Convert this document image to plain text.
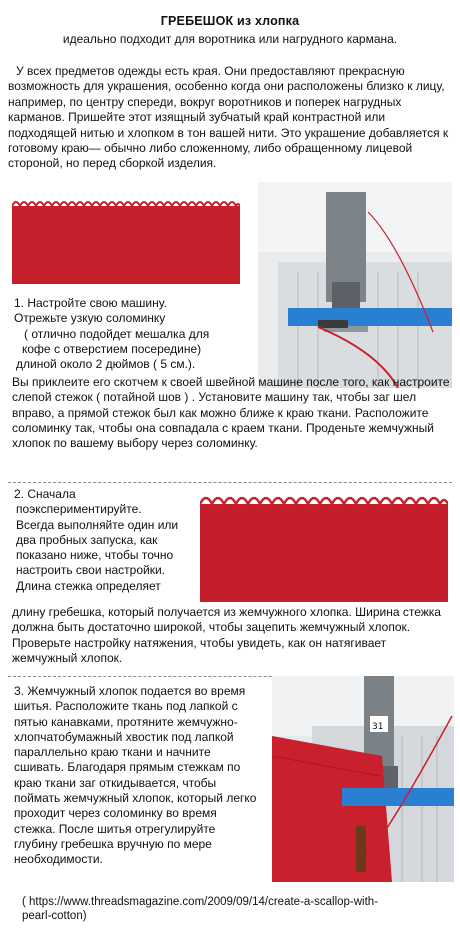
ГРЕБЕШОК из хлопка
идеально подходит для воротника или нагрудного кармана.
У всех предметов одежды есть края. Они предоставляют прекрасную возможность для украшения, особенно когда они расположены близко к лицу, например, по центру спереди, вокруг воротников и поперек нагрудных карманов. Пришейте этот изящный зубчатый край контрастной или подходящей нитью и хлопком в тон вашей нити. Это украшение добавляется к готовому краю— обычно либо сложенному, либо обращенному лицевой стороной, но перед сборкой изделия.
1. Настройте свою машину.
Отрежьте узкую соломинку
( отлично подойдет мешалка для
кофе с отверстием посередине)
длиной около 2 дюймов ( 5 см.).
Вы приклеите его скотчем к своей швейной машине после того, как настроите слепой стежок ( потайной шов ) . Установите машину так, чтобы заг шел вправо, а прямой стежок был как можно ближе к краю ткани. Расположите соломинку так, чтобы она совпадала с краем ткани. Проденьте жемчужный хлопок по вашему выбору через соломинку.
2. Сначала
поэкспериментируйте.
Всегда выполняйте один или
два пробных запуска, как
показано ниже, чтобы точно
настроить свои настройки.
Длина стежка определяет
длину гребешка, который получается из жемчужного хлопка. Ширина стежка должна быть достаточно широкой, чтобы зацепить жемчужный хлопок. Проверьте настройку натяжения, чтобы увидеть, как он натягивает жемчужный хлопок.
3. Жемчужный хлопок подается во время
шитья. Расположите ткань под лапкой с
пятью канавками, протяните жемчужно-
хлопчатобумажный хвостик под лапкой
параллельно краю ткани и начните
сшивать. Благодаря прямым стежкам по
краю ткани заг откидывается, чтобы
поймать жемчужный хлопок, который легко
проходит через соломинку во время
стежка. После шитья отрегулируйте
глубину гребешка вручную по мере
необходимости.
31
( https://www.threadsmagazine.com/2009/09/14/create-a-scallop-with-
pearl-cotton)
